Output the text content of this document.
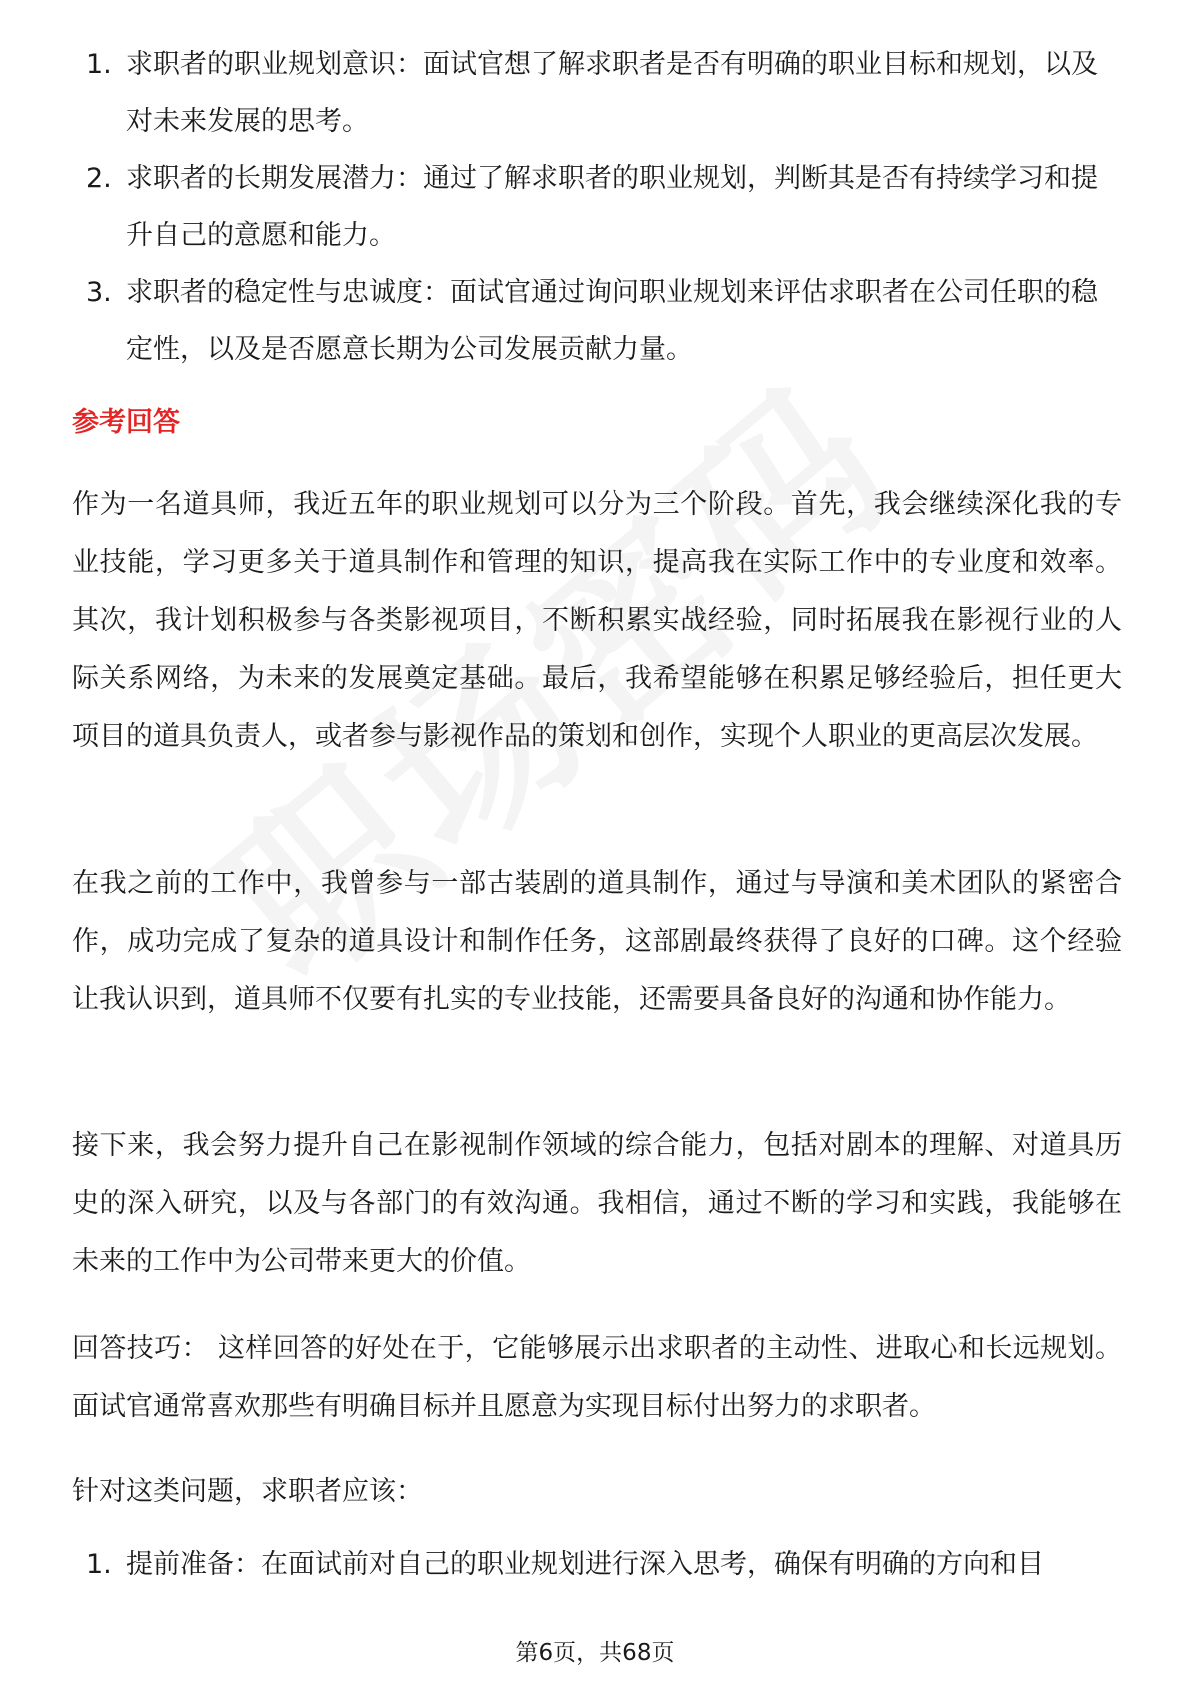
1. 求职者的职业规划意识：面试官想了解求职者是否有明确的职业目标和规划，以及对未来发展的思考。
2. 求职者的长期发展潜力：通过了解求职者的职业规划，判断其是否有持续学习和提升自己的意愿和能力。
3. 求职者的稳定性与忠诚度：面试官通过询问职业规划来评估求职者在公司任职的稳定性，以及是否愿意长期为公司发展贡献力量。
参考回答

作为一名道具师，我近五年的职业规划可以分为三个阶段。首先，我会继续深化我的专业技能，学习更多关于道具制作和管理的知识，提高我在实际工作中的专业度和效率。其次，我计划积极参与各类影视项目，不断积累实战经验，同时拓展我在影视行业的人际关系网络，为未来的发展奠定基础。最后，我希望能够在积累足够经验后，担任更大项目的道具负责人，或者参与影视作品的策划和创作，实现个人职业的更高层次发展。

在我之前的工作中，我曾参与一部古装剧的道具制作，通过与导演和美术团队的紧密合作，成功完成了复杂的道具设计和制作任务，这部剧最终获得了良好的口碑。这个经验让我认识到，道具师不仅要有扎实的专业技能，还需要具备良好的沟通和协作能力。

接下来，我会努力提升自己在影视制作领域的综合能力，包括对剧本的理解、对道具历史的深入研究，以及与各部门的有效沟通。我相信，通过不断的学习和实践，我能够在未来的工作中为公司带来更大的价值。

回答技巧： 这样回答的好处在于，它能够展示出求职者的主动性、进取心和长远规划。面试官通常喜欢那些有明确目标并且愿意为实现目标付出努力的求职者。

针对这类问题，求职者应该：

1. 提前准备：在面试前对自己的职业规划进行深入思考，确保有明确的方向和目
第6页，共68页
